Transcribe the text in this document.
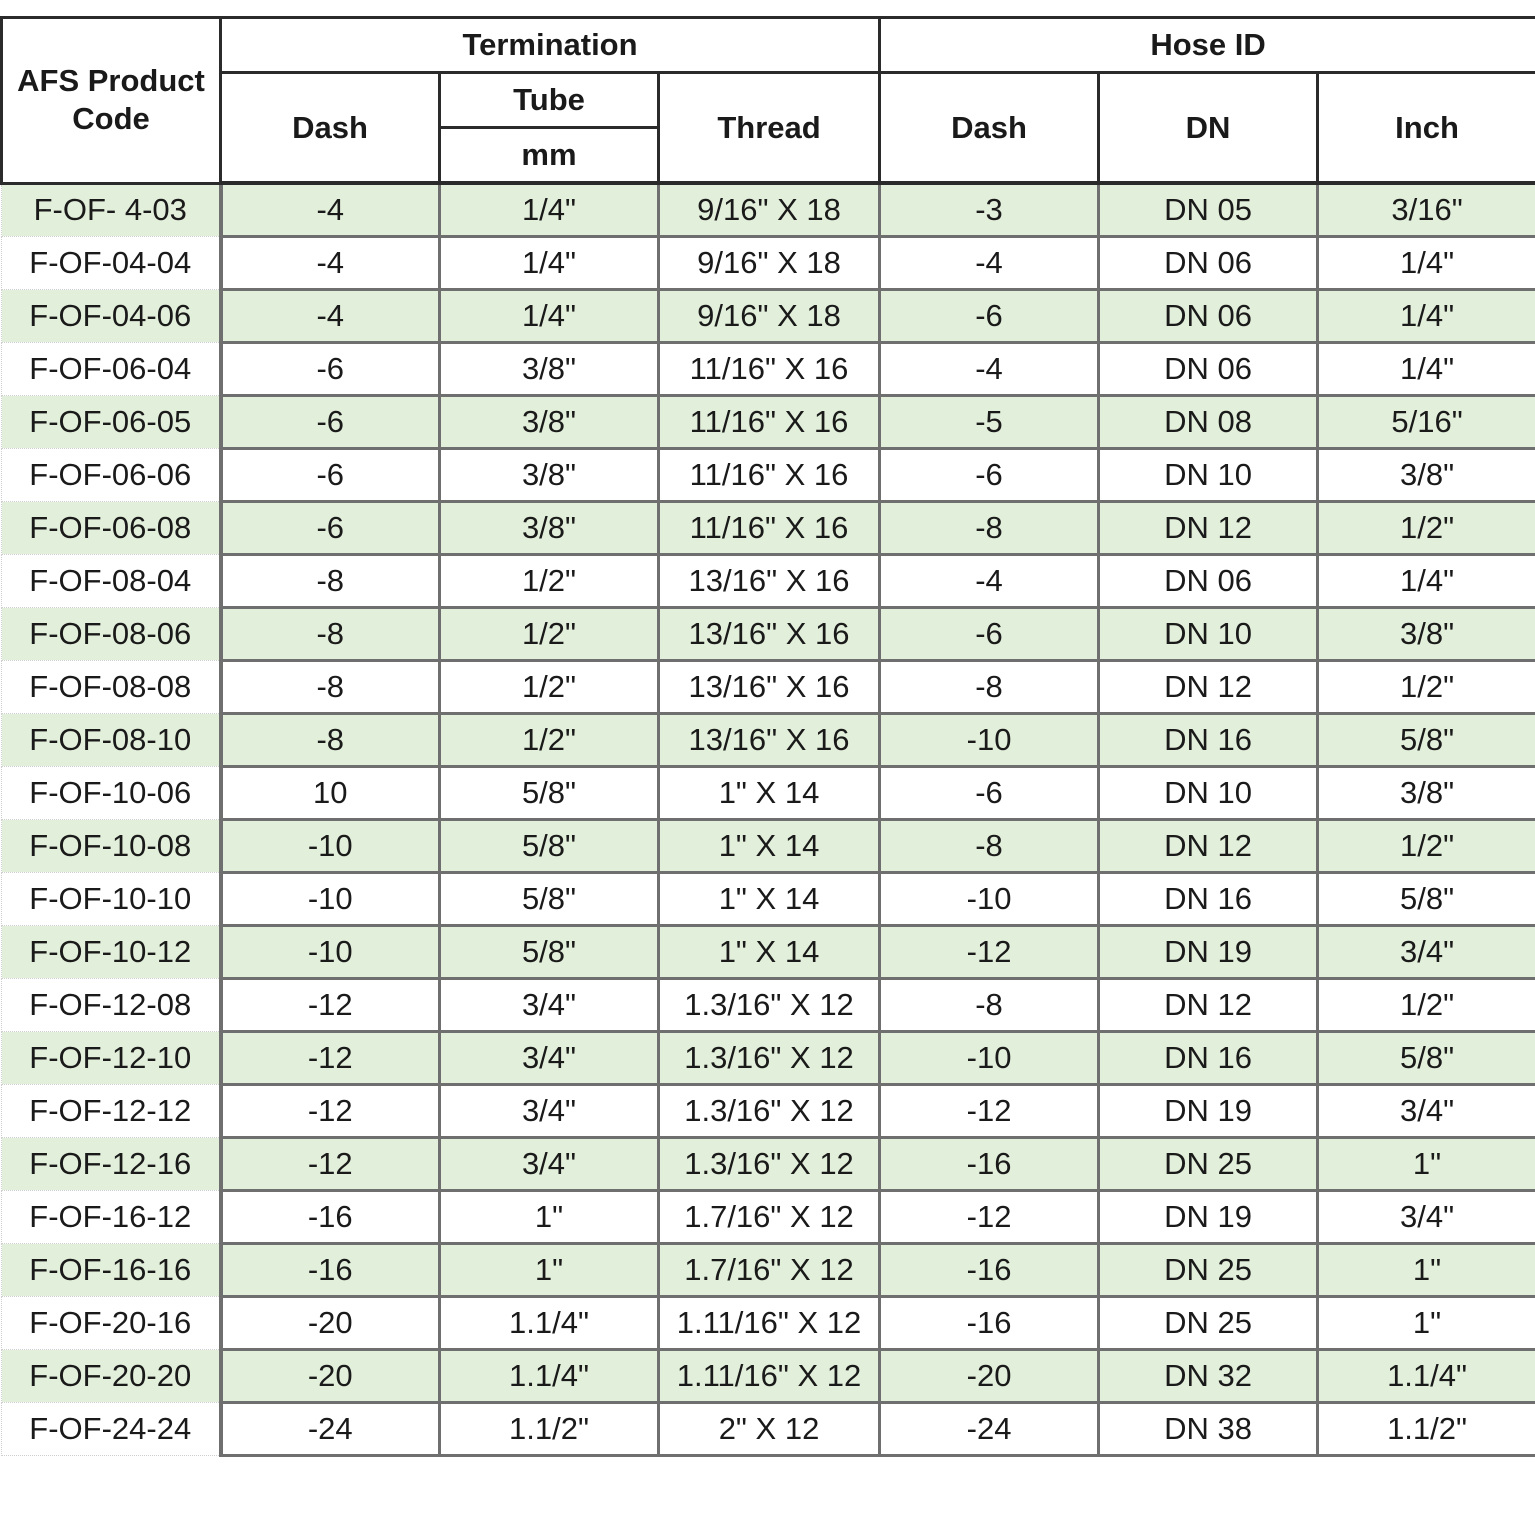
AFS Product Code	Termination			Hose ID		
	Dash	Tube	Thread	Dash	DN	Inch
		mm				
F-OF- 4-03	-4	1/4"	9/16" X 18	-3	DN 05	3/16"
F-OF-04-04	-4	1/4"	9/16" X 18	-4	DN 06	1/4"
F-OF-04-06	-4	1/4"	9/16" X 18	-6	DN 06	1/4"
F-OF-06-04	-6	3/8"	11/16" X 16	-4	DN 06	1/4"
F-OF-06-05	-6	3/8"	11/16" X 16	-5	DN 08	5/16"
F-OF-06-06	-6	3/8"	11/16" X 16	-6	DN 10	3/8"
F-OF-06-08	-6	3/8"	11/16" X 16	-8	DN 12	1/2"
F-OF-08-04	-8	1/2"	13/16" X 16	-4	DN 06	1/4"
F-OF-08-06	-8	1/2"	13/16" X 16	-6	DN 10	3/8"
F-OF-08-08	-8	1/2"	13/16" X 16	-8	DN 12	1/2"
F-OF-08-10	-8	1/2"	13/16" X 16	-10	DN 16	5/8"
F-OF-10-06	10	5/8"	1" X 14	-6	DN 10	3/8"
F-OF-10-08	-10	5/8"	1" X 14	-8	DN 12	1/2"
F-OF-10-10	-10	5/8"	1" X 14	-10	DN 16	5/8"
F-OF-10-12	-10	5/8"	1" X 14	-12	DN 19	3/4"
F-OF-12-08	-12	3/4"	1.3/16" X 12	-8	DN 12	1/2"
F-OF-12-10	-12	3/4"	1.3/16" X 12	-10	DN 16	5/8"
F-OF-12-12	-12	3/4"	1.3/16" X 12	-12	DN 19	3/4"
F-OF-12-16	-12	3/4"	1.3/16" X 12	-16	DN 25	1"
F-OF-16-12	-16	1"	1.7/16" X 12	-12	DN 19	3/4"
F-OF-16-16	-16	1"	1.7/16" X 12	-16	DN 25	1"
F-OF-20-16	-20	1.1/4"	1.11/16" X 12	-16	DN 25	1"
F-OF-20-20	-20	1.1/4"	1.11/16" X 12	-20	DN 32	1.1/4"
F-OF-24-24	-24	1.1/2"	2" X 12	-24	DN 38	1.1/2"
